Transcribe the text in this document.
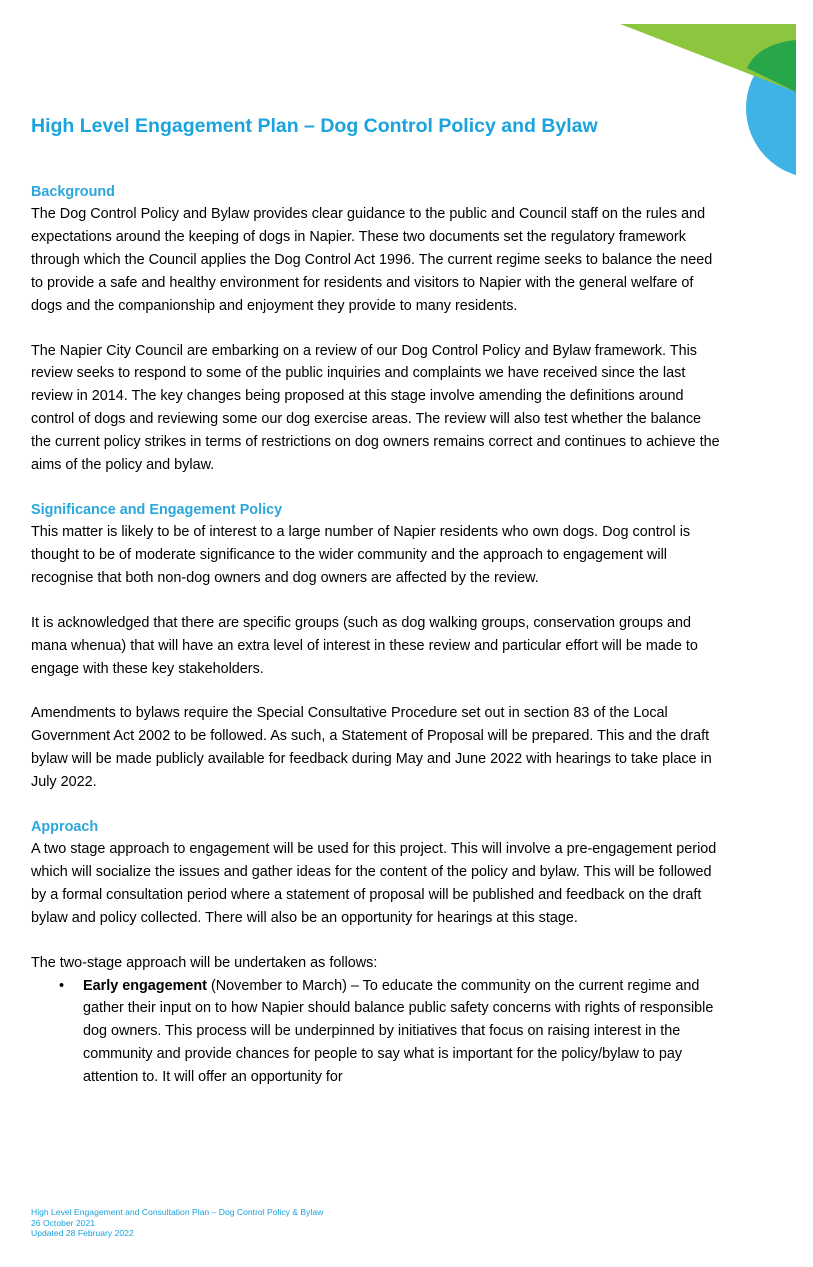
High Level Engagement Plan – Dog Control Policy and Bylaw
Background

The Dog Control Policy and Bylaw provides clear guidance to the public and Council staff on the rules and expectations around the keeping of dogs in Napier. These two documents set the regulatory framework through which the Council applies the Dog Control Act 1996. The current regime seeks to balance the need to provide a safe and healthy environment for residents and visitors to Napier with the general welfare of dogs and the companionship and enjoyment they provide to many residents.

The Napier City Council are embarking on a review of our Dog Control Policy and Bylaw framework. This review seeks to respond to some of the public inquiries and complaints we have received since the last review in 2014. The key changes being proposed at this stage involve amending the definitions around control of dogs and reviewing some our dog exercise areas. The review will also test whether the balance the current policy strikes in terms of restrictions on dog owners remains correct and continues to achieve the aims of the policy and bylaw.

Significance and Engagement Policy

This matter is likely to be of interest to a large number of Napier residents who own dogs. Dog control is thought to be of moderate significance to the wider community and the approach to engagement will recognise that both non-dog owners and dog owners are affected by the review.

It is acknowledged that there are specific groups (such as dog walking groups, conservation groups and mana whenua) that will have an extra level of interest in these review and particular effort will be made to engage with these key stakeholders.

Amendments to bylaws require the Special Consultative Procedure set out in section 83 of the Local Government Act 2002 to be followed. As such, a Statement of Proposal will be prepared. This and the draft bylaw will be made publicly available for feedback during May and June 2022 with hearings to take place in July 2022.

Approach

A two stage approach to engagement will be used for this project. This will involve a pre-engagement period which will socialize the issues and gather ideas for the content of the policy and bylaw. This will be followed by a formal consultation period where a statement of proposal will be published and feedback on the draft bylaw and policy collected. There will also be an opportunity for hearings at this stage.

The two-stage approach will be undertaken as follows:

• Early engagement (November to March) – To educate the community on the current regime and gather their input on to how Napier should balance public safety concerns with rights of responsible dog owners. This process will be underpinned by initiatives that focus on raising interest in the community and provide chances for people to say what is important for the policy/bylaw to pay attention to. It will offer an opportunity for
High Level Engagement and Consultation Plan – Dog Control Policy & Bylaw
26 October 2021
Updated 28 February 2022
